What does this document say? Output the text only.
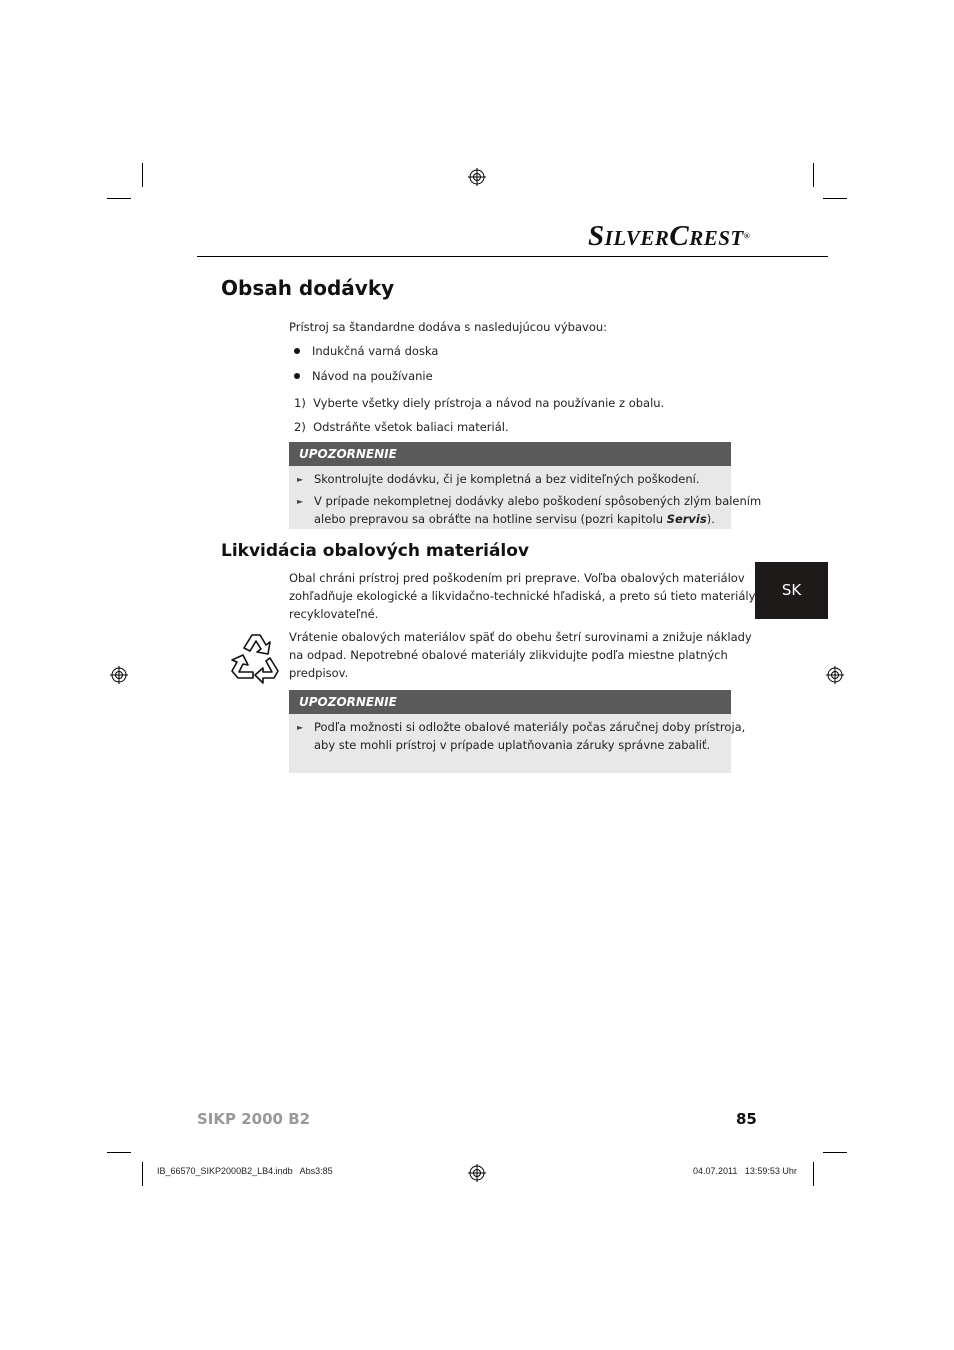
SILVERCREST®
Obsah dodávky
Prístroj sa štandardne dodáva s nasledujúcou výbavou:
Indukčná varná doska
Návod na používanie
1)  Vyberte všetky diely prístroja a návod na používanie z obalu.
2)  Odstráňte všetok baliaci materiál.
UPOZORNENIE
► Skontrolujte dodávku, či je kompletná a bez viditeľných poškodení.
► V prípade nekompletnej dodávky alebo poškodení spôsobených zlým balením
alebo prepravou sa obráťte na hotline servisu (pozri kapitolu Servis).
SK
Likvidácia obalových materiálov
Obal chráni prístroj pred poškodením pri preprave. Voľba obalových materiálov
zohľadňuje ekologické a likvidačno-technické hľadiská, a preto sú tieto materiály
recyklovateľné.
Vrátenie obalových materiálov späť do obehu šetrí surovinami a znižuje náklady
na odpad. Nepotrebné obalové materiály zlikvidujte podľa miestne platných
predpisov.
UPOZORNENIE
► Podľa možnosti si odložte obalové materiály počas záručnej doby prístroja,
aby ste mohli prístroj v prípade uplatňovania záruky správne zabaliť.
SIKP 2000 B2	85
IB_66570_SIKP2000B2_LB4.indb   Abs3:85	04.07.2011   13:59:53 Uhr
